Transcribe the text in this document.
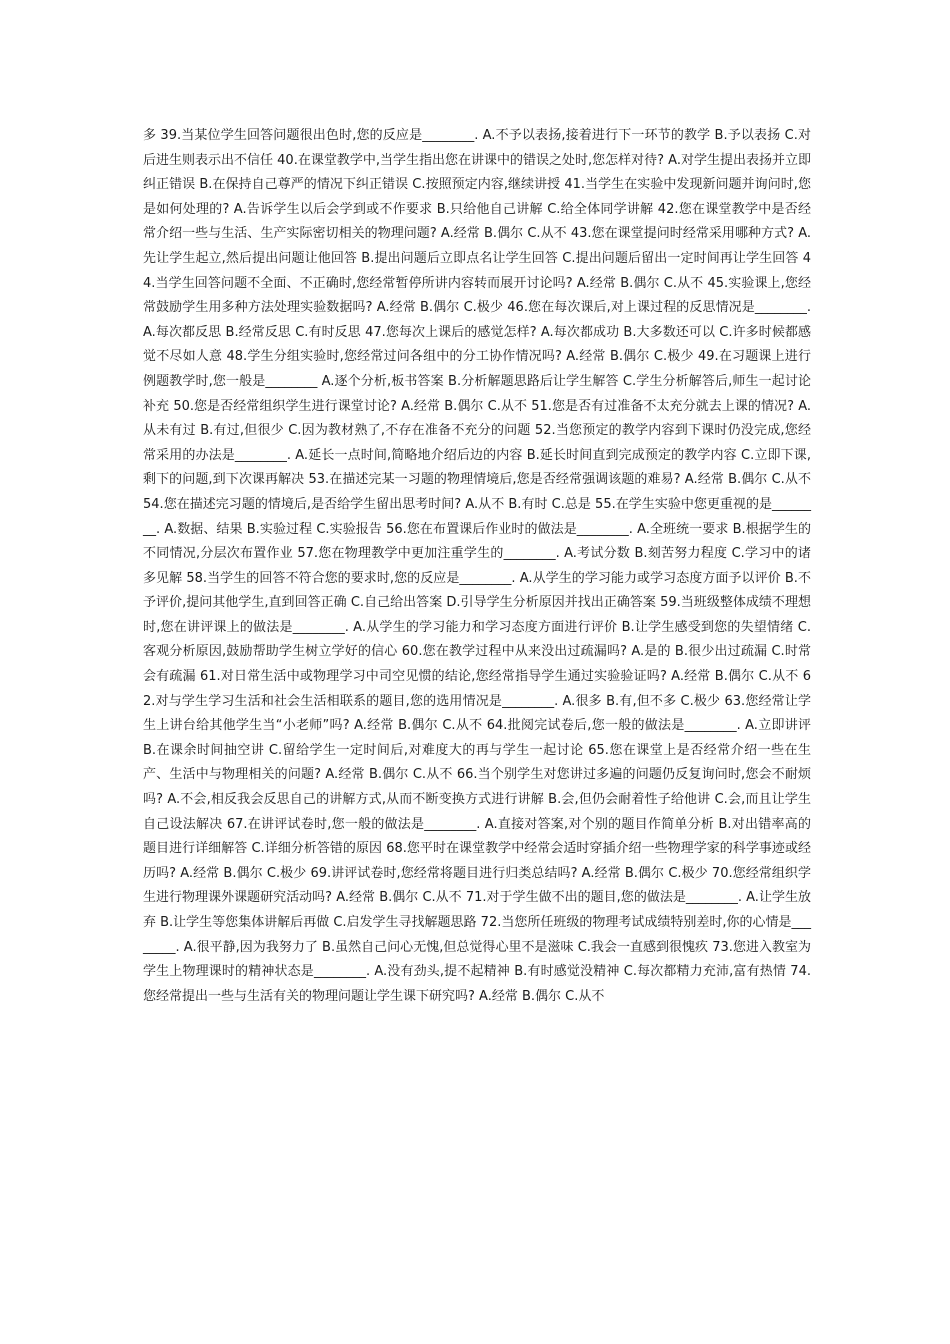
多 39.当某位学生回答问题很出色时,您的反应是________. A.不予以表扬,接着进行下一环节的教学 B.予以表扬 C.对后进生则表示出不信任 40.在课堂教学中,当学生指出您在讲课中的错误之处时,您怎样对待? A.对学生提出表扬并立即纠正错误 B.在保持自己尊严的情况下纠正错误 C.按照预定内容,继续讲授 41.当学生在实验中发现新问题并询问时,您是如何处理的? A.告诉学生以后会学到或不作要求 B.只给他自己讲解 C.给全体同学讲解 42.您在课堂教学中是否经常介绍一些与生活、生产实际密切相关的物理问题? A.经常 B.偶尔 C.从不 43.您在课堂提问时经常采用哪种方式? A.先让学生起立,然后提出问题让他回答 B.提出问题后立即点名让学生回答 C.提出问题后留出一定时间再让学生回答 44.当学生回答问题不全面、不正确时,您经常暂停所讲内容转而展开讨论吗? A.经常 B.偶尔 C.从不 45.实验课上,您经常鼓励学生用多种方法处理实验数据吗? A.经常 B.偶尔 C.极少 46.您在每次课后,对上课过程的反思情况是________. A.每次都反思 B.经常反思 C.有时反思 47.您每次上课后的感觉怎样? A.每次都成功 B.大多数还可以 C.许多时候都感觉不尽如人意 48.学生分组实验时,您经常过问各组中的分工协作情况吗? A.经常 B.偶尔 C.极少 49.在习题课上进行例题教学时,您一般是________ A.逐个分析,板书答案 B.分析解题思路后让学生解答 C.学生分析解答后,师生一起讨论补充 50.您是否经常组织学生进行课堂讨论? A.经常 B.偶尔 C.从不 51.您是否有过准备不太充分就去上课的情况? A.从未有过 B.有过,但很少 C.因为教材熟了,不存在准备不充分的问题 52.当您预定的教学内容到下课时仍没完成,您经常采用的办法是________. A.延长一点时间,简略地介绍后边的内容 B.延长时间直到完成预定的教学内容 C.立即下课,剩下的问题,到下次课再解决 53.在描述完某一习题的物理情境后,您是否经常强调该题的难易? A.经常 B.偶尔 C.从不 54.您在描述完习题的情境后,是否给学生留出思考时间? A.从不 B.有时 C.总是 55.在学生实验中您更重视的是________. A.数据、结果 B.实验过程 C.实验报告 56.您在布置课后作业时的做法是________. A.全班统一要求 B.根据学生的不同情况,分层次布置作业 57.您在物理教学中更加注重学生的________. A.考试分数 B.刻苦努力程度 C.学习中的诸多见解 58.当学生的回答不符合您的要求时,您的反应是________. A.从学生的学习能力或学习态度方面予以评价 B.不予评价,提问其他学生,直到回答正确 C.自己给出答案 D.引导学生分析原因并找出正确答案 59.当班级整体成绩不理想时,您在讲评课上的做法是________. A.从学生的学习能力和学习态度方面进行评价 B.让学生感受到您的失望情绪 C.客观分析原因,鼓励帮助学生树立学好的信心 60.您在教学过程中从来没出过疏漏吗? A.是的 B.很少出过疏漏 C.时常会有疏漏 61.对日常生活中或物理学习中司空见惯的结论,您经常指导学生通过实验验证吗? A.经常 B.偶尔 C.从不 62.对与学生学习生活和社会生活相联系的题目,您的选用情况是________. A.很多 B.有,但不多 C.极少 63.您经常让学生上讲台给其他学生当“小老师”吗? A.经常 B.偶尔 C.从不 64.批阅完试卷后,您一般的做法是________. A.立即讲评 B.在课余时间抽空讲 C.留给学生一定时间后,对难度大的再与学生一起讨论 65.您在课堂上是否经常介绍一些在生产、生活中与物理相关的问题? A.经常 B.偶尔 C.从不 66.当个别学生对您讲过多遍的问题仍反复询问时,您会不耐烦吗? A.不会,相反我会反思自己的讲解方式,从而不断变换方式进行讲解 B.会,但仍会耐着性子给他讲 C.会,而且让学生自己设法解决 67.在讲评试卷时,您一般的做法是________. A.直接对答案,对个别的题目作简单分析 B.对出错率高的题目进行详细解答 C.详细分析答错的原因 68.您平时在课堂教学中经常会适时穿插介绍一些物理学家的科学事迹或经历吗? A.经常 B.偶尔 C.极少 69.讲评试卷时,您经常将题目进行归类总结吗? A.经常 B.偶尔 C.极少 70.您经常组织学生进行物理课外课题研究活动吗? A.经常 B.偶尔 C.从不 71.对于学生做不出的题目,您的做法是________. A.让学生放弃 B.让学生等您集体讲解后再做 C.启发学生寻找解题思路 72.当您所任班级的物理考试成绩特别差时,你的心情是________. A.很平静,因为我努力了 B.虽然自己问心无愧,但总觉得心里不是滋味 C.我会一直感到很愧疚 73.您进入教室为学生上物理课时的精神状态是________. A.没有劲头,提不起精神 B.有时感觉没精神 C.每次都精力充沛,富有热情 74.您经常提出一些与生活有关的物理问题让学生课下研究吗? A.经常 B.偶尔 C.从不
